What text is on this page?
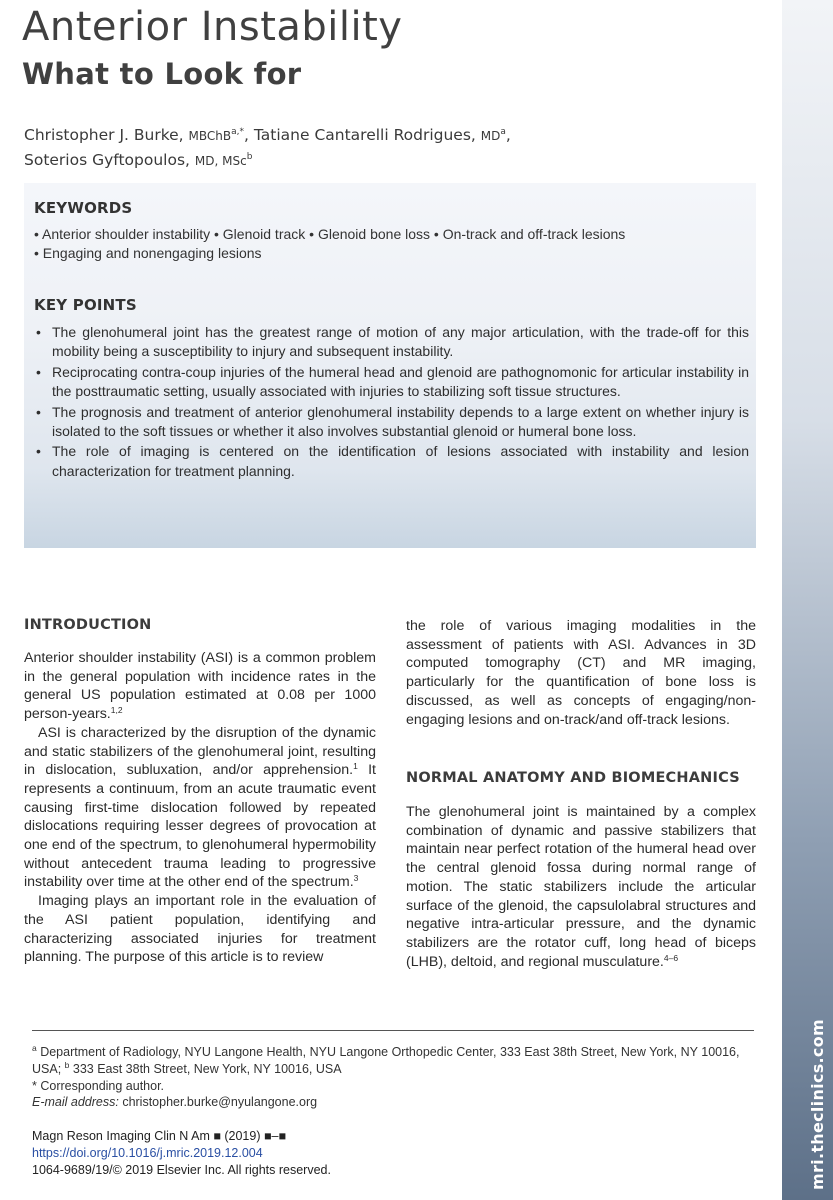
Anterior Instability
What to Look for
Christopher J. Burke, MBChB$^{a,*}$, Tatiane Cantarelli Rodrigues, $MD^a$,
Soterios Gyftopoulos, MD, MSc$^b$
KEYWORDS
• Anterior shoulder instability • Glenoid track • Glenoid bone loss • On-track and off-track lesions
• Engaging and nonengaging lesions
KEY POINTS
• The glenohumeral joint has the greatest range of motion of any major articulation, with the trade-off for this mobility being a susceptibility to injury and subsequent instability.
• Reciprocating contra-coup injuries of the humeral head and glenoid are pathognomonic for articular instability in the posttraumatic setting, usually associated with injuries to stabilizing soft tissue structures.
• The prognosis and treatment of anterior glenohumeral instability depends to a large extent on whether injury is isolated to the soft tissues or whether it also involves substantial glenoid or humeral bone loss.
• The role of imaging is centered on the identification of lesions associated with instability and lesion characterization for treatment planning.
INTRODUCTION

Anterior shoulder instability (ASI) is a common problem in the general population with incidence rates in the general US population estimated at 0.08 per 1000 person-years.$^{1,2}$

ASI is characterized by the disruption of the dynamic and static stabilizers of the glenohumeral joint, resulting in dislocation, subluxation, and/or apprehension.$^1$ It represents a continuum, from an acute traumatic event causing first-time dislocation followed by repeated dislocations requiring lesser degrees of provocation at one end of the spectrum, to glenohumeral hypermobility without antecedent trauma leading to progressive instability over time at the other end of the spectrum.$^3$

Imaging plays an important role in the evaluation of the ASI patient population, identifying and characterizing associated injuries for treatment planning. The purpose of this article is to review

the role of various imaging modalities in the assessment of patients with ASI. Advances in 3D computed tomography (CT) and MR imaging, particularly for the quantification of bone loss is discussed, as well as concepts of engaging/non-engaging lesions and on-track/and off-track lesions.

NORMAL ANATOMY AND BIOMECHANICS

The glenohumeral joint is maintained by a complex combination of dynamic and passive stabilizers that maintain near perfect rotation of the humeral head over the central glenoid fossa during normal range of motion. The static stabilizers include the articular surface of the glenoid, the capsulolabral structures and negative intra-articular pressure, and the dynamic stabilizers are the rotator cuff, long head of biceps (LHB), deltoid, and regional musculature.$^{4-6}$

$^a$ Department of Radiology, NYU Langone Health, NYU Langone Orthopedic Center, 333 East 38th Street, New York, NY 10016, USA; $^b$ 333 East 38th Street, New York, NY 10016, USA
* Corresponding author.
E-mail address: christopher.burke@nyulangone.org
Magn Reson Imaging Clin N Am ■ (2019) ■–■
https://doi.org/10.1016/j.mric.2019.12.004
1064-9689/19/© 2019 Elsevier Inc. All rights reserved.	mri.theclinics.com
